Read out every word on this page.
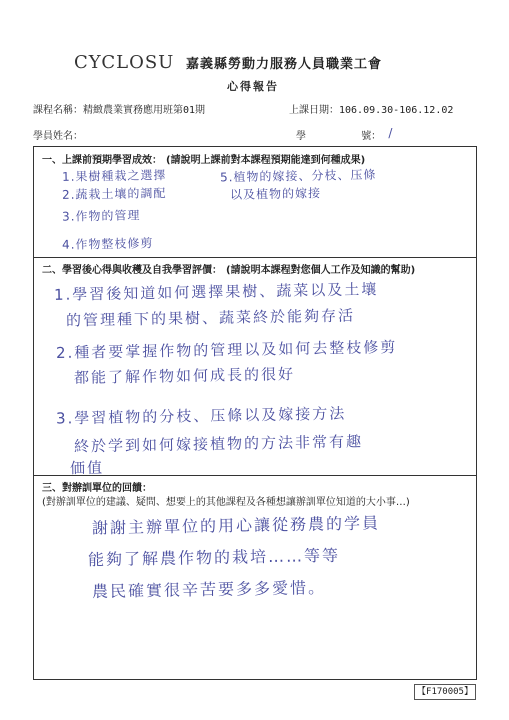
CYCLOSU 嘉義縣勞動力服務人員職業工會
心得報告
課程名稱：精緻農業實務應用班第01期	上課日期：106.09.30-106.12.02
學員姓名：	學	號： /
一、上課前預期學習成效： (請說明上課前對本課程預期能達到何種成果)
1.果樹種栽之選擇	5.植物的嫁接、分枝、压條
2.蔬栽土壤的調配	以及植物的嫁接
3.作物的管理
4.作物整枝修剪
二、學習後心得與收穫及自我學習評價： (請說明本課程對您個人工作及知識的幫助)
1.學習後知道如何選擇果樹、蔬菜以及土壤
的管理種下的果樹、蔬菜終於能夠存活
2.種者要掌握作物的管理以及如何去整枝修剪
都能了解作物如何成長的很好
3.學習植物的分枝、压條以及嫁接方法
終於学到如何嫁接植物的方法非常有趣
価值
三、對辦訓單位的回饋：
(對辦訓單位的建議、疑問、想要上的其他課程及各種想讓辦訓單位知道的大小事…)
謝謝主辦單位的用心讓從務農的学員
能夠了解農作物的栽培……等等
農民確實很辛苦要多多愛惜。
【F170005】
